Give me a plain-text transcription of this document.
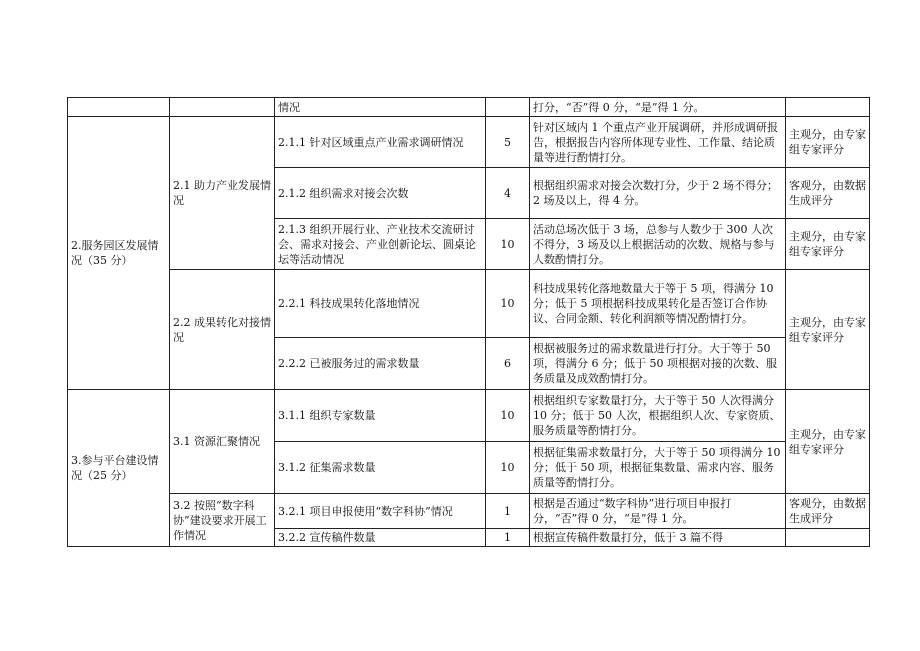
		情况		打分，“否”得 0 分，“是”得 1 分。	
2.服务园区发展情况（35 分）	2.1 助力产业发展情况	2.1.1 针对区域重点产业需求调研情况	5	针对区域内 1 个重点产业开展调研，并形成调研报告，根据报告内容所体现专业性、工作量、结论质量等进行酌情打分。	主观分，由专家组专家评分
		2.1.2 组织需求对接会次数	4	根据组织需求对接会次数打分，少于 2 场不得分；2 场及以上，得 4 分。	客观分，由数据生成评分
		2.1.3 组织开展行业、产业技术交流研讨会、需求对接会、产业创新论坛、圆桌论坛等活动情况	10	活动总场次低于 3 场，总参与人数少于 300 人次不得分，3 场及以上根据活动的次数、规格与参与人数酌情打分。	主观分，由专家组专家评分
	2.2 成果转化对接情况	2.2.1 科技成果转化落地情况	10	科技成果转化落地数量大于等于 5 项，得满分 10 分；低于 5 项根据科技成果转化是否签订合作协议、合同金额、转化利润额等情况酌情打分。	主观分，由专家组专家评分
		2.2.2 已被服务过的需求数量	6	根据被服务过的需求数量进行打分。大于等于 50 项，得满分 6 分；低于 50 项根据对接的次数、服务质量及成效酌情打分。	
3.参与平台建设情况（25 分）	3.1 资源汇聚情况	3.1.1 组织专家数量	10	根据组织专家数量打分，大于等于 50 人次得满分 10 分；低于 50 人次，根据组织人次、专家资质、服务质量等酌情打分。	主观分，由专家组专家评分
		3.1.2 征集需求数量	10	根据征集需求数量打分，大于等于 50 项得满分 10 分；低于 50 项，根据征集数量、需求内容、服务质量等酌情打分。	
	3.2 按照“数字科协”建设要求开展工作情况	3.2.1 项目申报使用“数字科协”情况	1	根据是否通过“数字科协”进行项目申报打分，“否”得 0 分，“是”得 1 分。	客观分，由数据生成评分
		3.2.2 宣传稿件数量	1	根据宣传稿件数量打分，低于 3 篇不得	
